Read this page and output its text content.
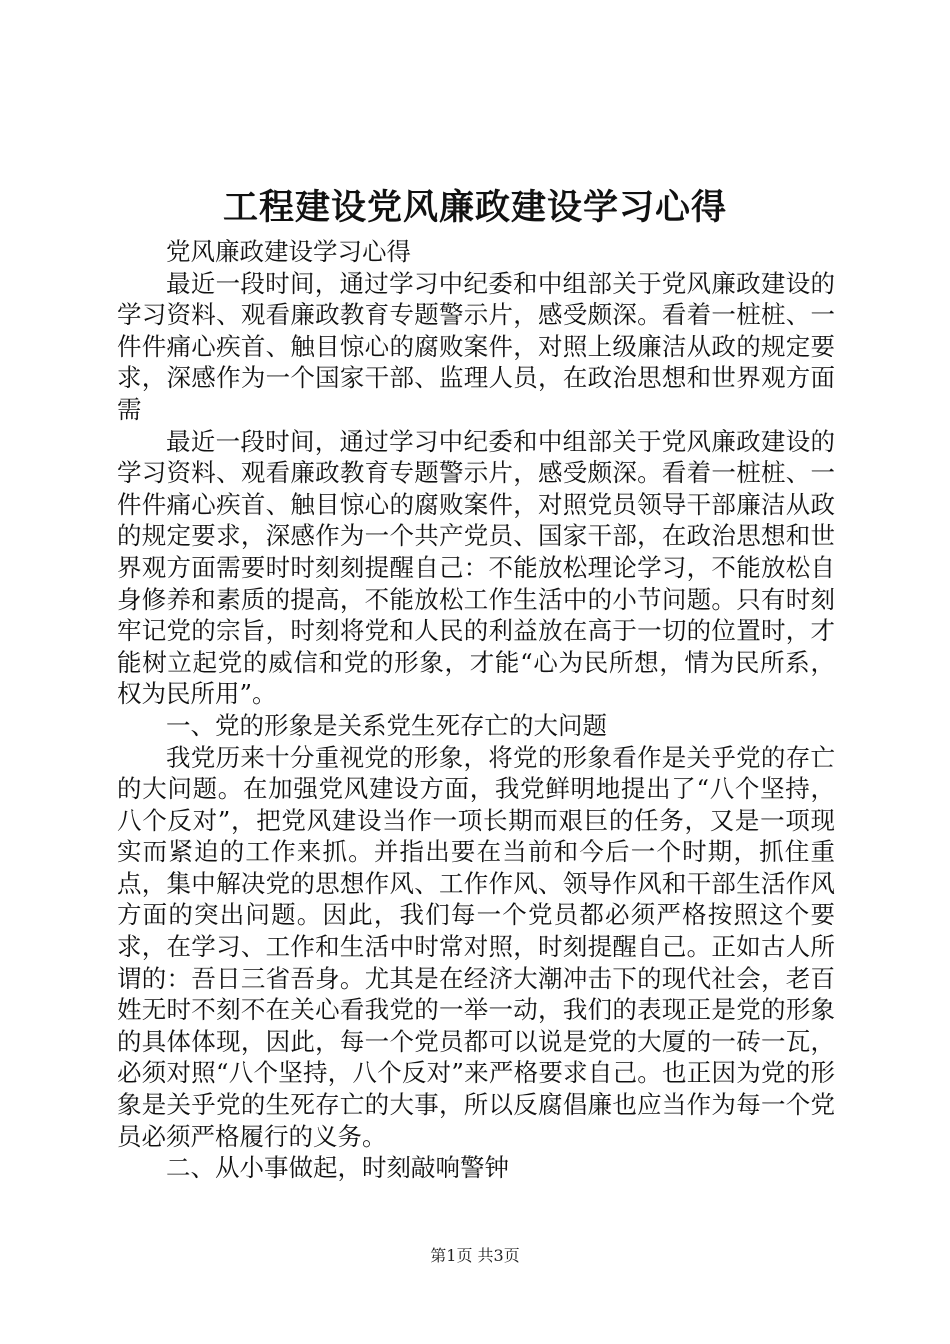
工程建设党风廉政建设学习心得

党风廉政建设学习心得

最近一段时间，通过学习中纪委和中组部关于党风廉政建设的学习资料、观看廉政教育专题警示片，感受颇深。看着一桩桩、一件件痛心疾首、触目惊心的腐败案件，对照上级廉洁从政的规定要求，深感作为一个国家干部、监理人员，在政治思想和世界观方面需

最近一段时间，通过学习中纪委和中组部关于党风廉政建设的学习资料、观看廉政教育专题警示片，感受颇深。看着一桩桩、一件件痛心疾首、触目惊心的腐败案件，对照党员领导干部廉洁从政的规定要求，深感作为一个共产党员、国家干部，在政治思想和世界观方面需要时时刻刻提醒自己：不能放松理论学习，不能放松自身修养和素质的提高，不能放松工作生活中的小节问题。只有时刻牢记党的宗旨，时刻将党和人民的利益放在高于一切的位置时，才能树立起党的威信和党的形象，才能“心为民所想，情为民所系，权为民所用”。

一、党的形象是关系党生死存亡的大问题

我党历来十分重视党的形象，将党的形象看作是关乎党的存亡的大问题。在加强党风建设方面，我党鲜明地提出了“八个坚持，八个反对”，把党风建设当作一项长期而艰巨的任务，又是一项现实而紧迫的工作来抓。并指出要在当前和今后一个时期，抓住重点，集中解决党的思想作风、工作作风、领导作风和干部生活作风方面的突出问题。因此，我们每一个党员都必须严格按照这个要求，在学习、工作和生活中时常对照，时刻提醒自己。正如古人所谓的：吾日三省吾身。尤其是在经济大潮冲击下的现代社会，老百姓无时不刻不在关心看我党的一举一动，我们的表现正是党的形象的具体体现，因此，每一个党员都可以说是党的大厦的一砖一瓦，必须对照“八个坚持，八个反对”来严格要求自己。也正因为党的形象是关乎党的生死存亡的大事，所以反腐倡廉也应当作为每一个党员必须严格履行的义务。

二、从小事做起，时刻敲响警钟

第1页 共3页
